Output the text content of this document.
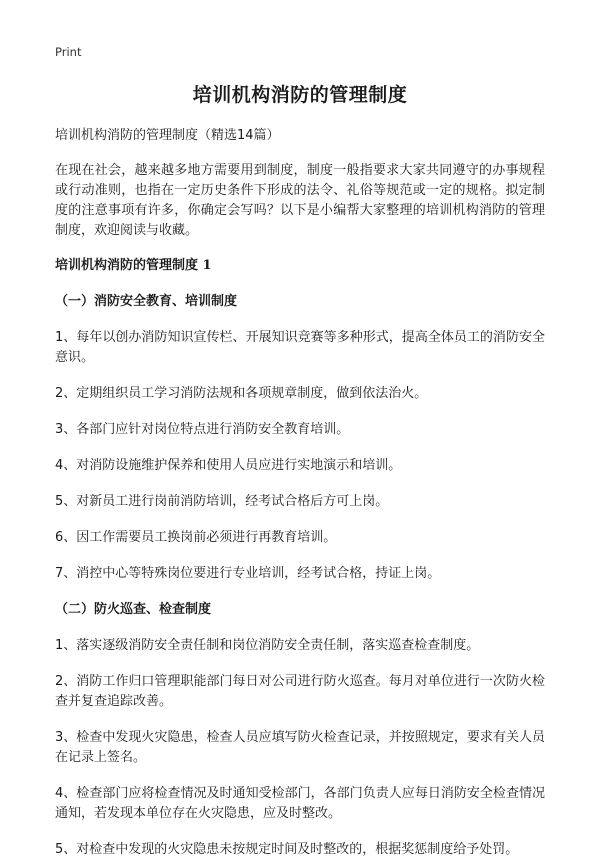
Print
培训机构消防的管理制度

培训机构消防的管理制度（精选14篇）

在现在社会，越来越多地方需要用到制度，制度一般指要求大家共同遵守的办事规程或行动准则，也指在一定历史条件下形成的法令、礼俗等规范或一定的规格。拟定制度的注意事项有许多，你确定会写吗？以下是小编帮大家整理的培训机构消防的管理制度，欢迎阅读与收藏。

培训机构消防的管理制度 1

（一）消防安全教育、培训制度

1、每年以创办消防知识宣传栏、开展知识竞赛等多种形式，提高全体员工的消防安全意识。

2、定期组织员工学习消防法规和各项规章制度，做到依法治火。

3、各部门应针对岗位特点进行消防安全教育培训。

4、对消防设施维护保养和使用人员应进行实地演示和培训。

5、对新员工进行岗前消防培训，经考试合格后方可上岗。

6、因工作需要员工换岗前必须进行再教育培训。

7、消控中心等特殊岗位要进行专业培训，经考试合格，持证上岗。

（二）防火巡查、检查制度

1、落实逐级消防安全责任制和岗位消防安全责任制，落实巡查检查制度。

2、消防工作归口管理职能部门每日对公司进行防火巡查。每月对单位进行一次防火检查并复查追踪改善。

3、检查中发现火灾隐患，检查人员应填写防火检查记录，并按照规定，要求有关人员在记录上签名。

4、检查部门应将检查情况及时通知受检部门，各部门负责人应每日消防安全检查情况通知，若发现本单位存在火灾隐患，应及时整改。

5、对检查中发现的火灾隐患未按规定时间及时整改的，根据奖惩制度给予处罚。
